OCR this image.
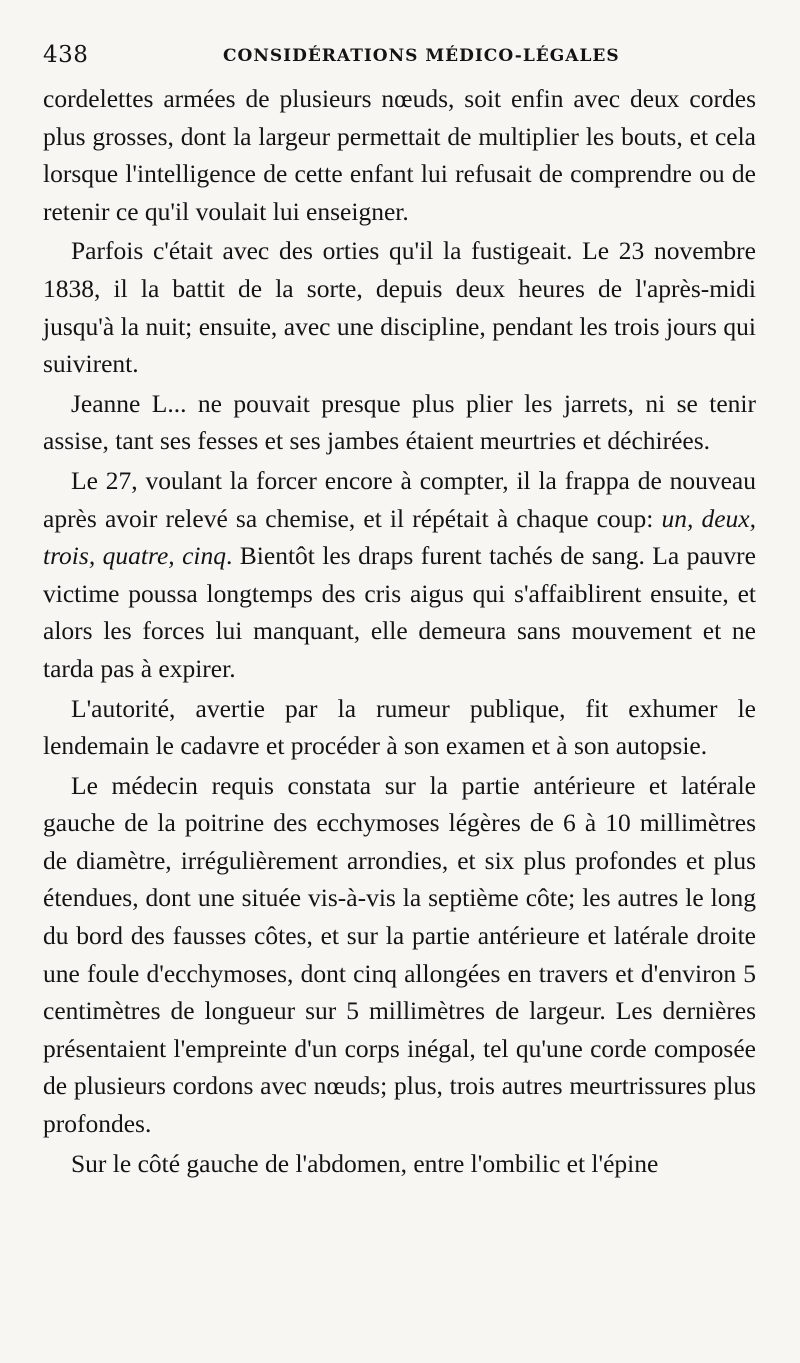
438	CONSIDÉRATIONS MÉDICO-LÉGALES

cordelettes armées de plusieurs nœuds, soit enfin avec deux cordes plus grosses, dont la largeur permettait de multiplier les bouts, et cela lorsque l'intelligence de cette enfant lui refusait de comprendre ou de retenir ce qu'il voulait lui enseigner.

Parfois c'était avec des orties qu'il la fustigeait. Le 23 novembre 1838, il la battit de la sorte, depuis deux heures de l'après-midi jusqu'à la nuit; ensuite, avec une discipline, pendant les trois jours qui suivirent.

Jeanne L... ne pouvait presque plus plier les jarrets, ni se tenir assise, tant ses fesses et ses jambes étaient meurtries et déchirées.

Le 27, voulant la forcer encore à compter, il la frappa de nouveau après avoir relevé sa chemise, et il répétait à chaque coup: un, deux, trois, quatre, cinq. Bientôt les draps furent tachés de sang. La pauvre victime poussa longtemps des cris aigus qui s'affaiblirent ensuite, et alors les forces lui manquant, elle demeura sans mouvement et ne tarda pas à expirer.

L'autorité, avertie par la rumeur publique, fit exhumer le lendemain le cadavre et procéder à son examen et à son autopsie.

Le médecin requis constata sur la partie antérieure et latérale gauche de la poitrine des ecchymoses légères de 6 à 10 millimètres de diamètre, irrégulièrement arrondies, et six plus profondes et plus étendues, dont une située vis-à-vis la septième côte; les autres le long du bord des fausses côtes, et sur la partie antérieure et latérale droite une foule d'ecchymoses, dont cinq allongées en travers et d'environ 5 centimètres de longueur sur 5 millimètres de largeur. Les dernières présentaient l'empreinte d'un corps inégal, tel qu'une corde composée de plusieurs cordons avec nœuds; plus, trois autres meurtrissures plus profondes.

Sur le côté gauche de l'abdomen, entre l'ombilic et l'épine
